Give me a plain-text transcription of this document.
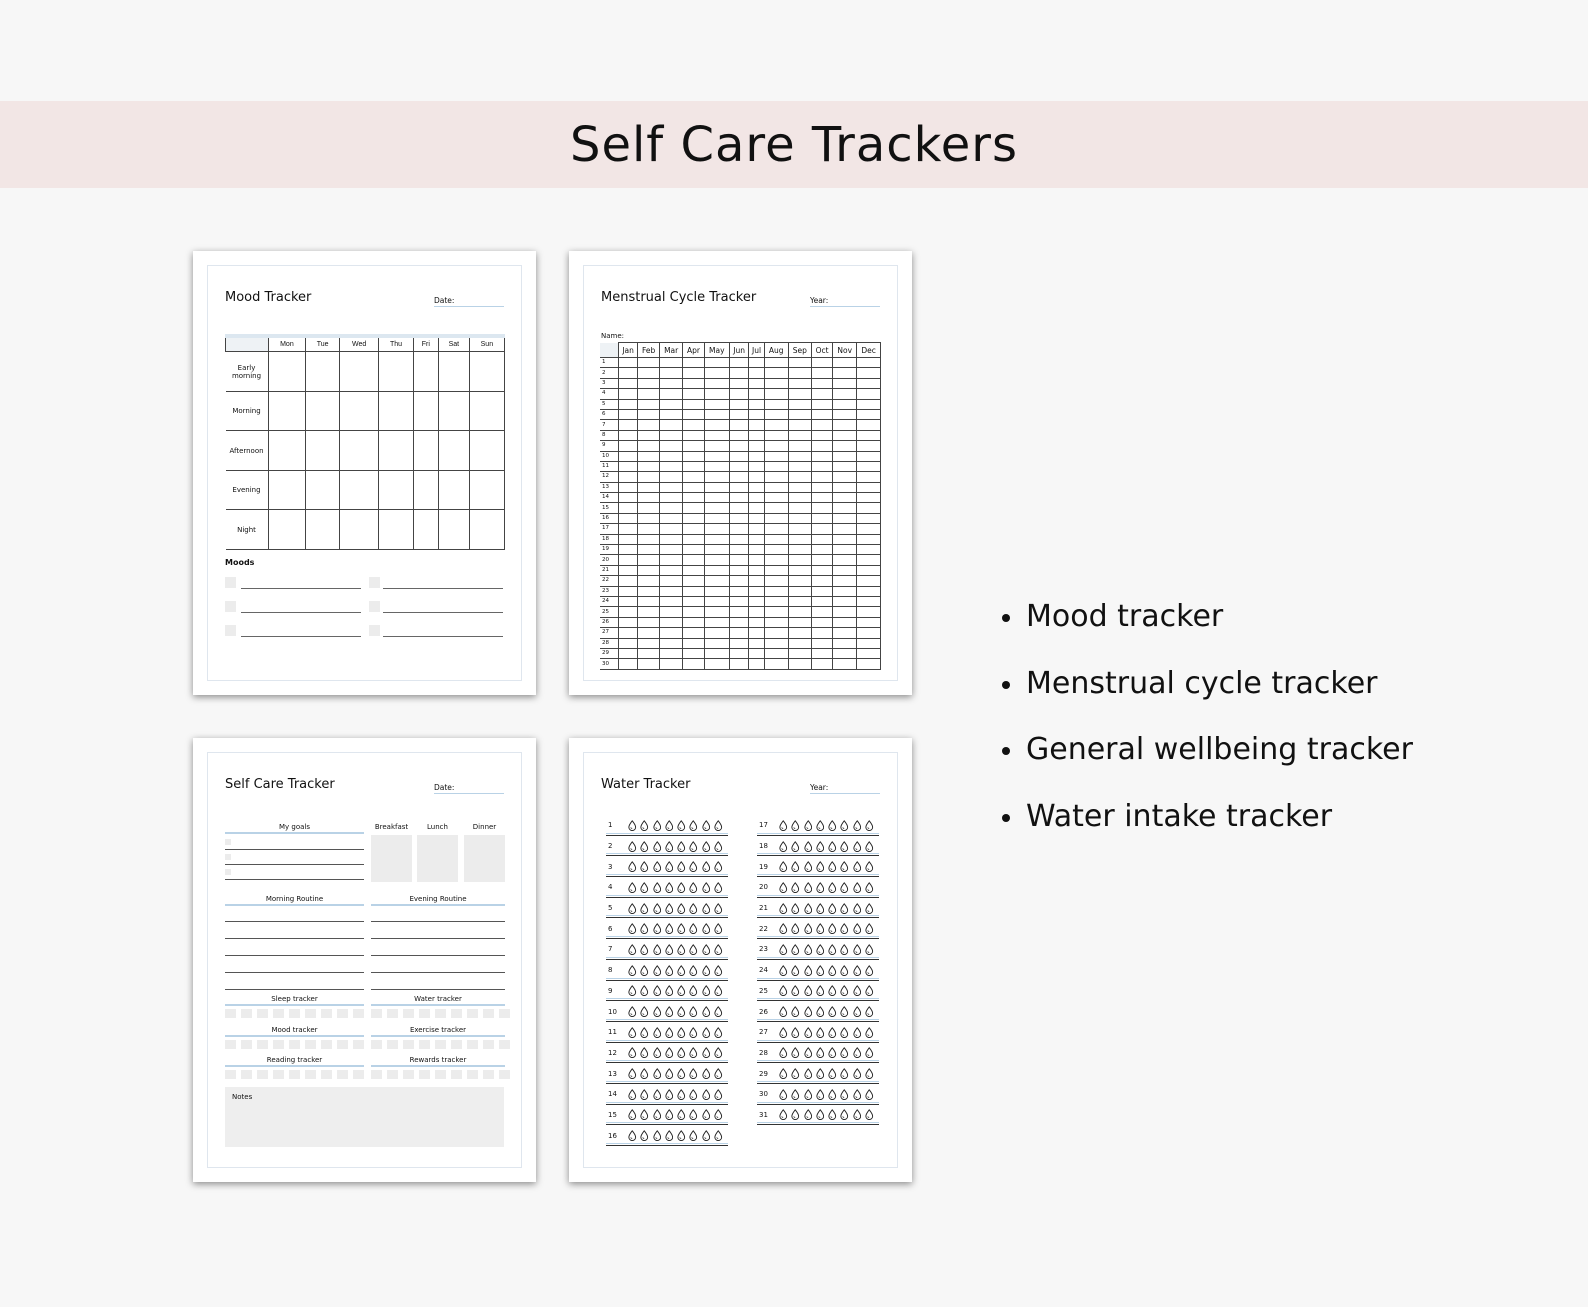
Self Care Trackers
Mood Tracker	Date:
	Mon	Tue	Wed	Thu	Fri	Sat	Sun
Early morning							
Morning							
Afternoon							
Evening							
Night							
Moods
Menstrual Cycle Tracker	Year:
Name:
	Jan	Feb	Mar	Apr	May	Jun	Jul	Aug	Sep	Oct	Nov	Dec
1												
2												
3												
4												
5												
6												
7												
8												
9												
10												
11												
12												
13												
14												
15												
16												
17												
18												
19												
20												
21												
22												
23												
24												
25												
26												
27												
28												
29												
30												
Self Care Tracker	Date:
My goals	Breakfast	Lunch	Dinner
Morning Routine	Evening Routine
Sleep tracker	Water tracker
Mood tracker	Exercise tracker
Reading tracker	Rewards tracker
Notes
Water Tracker	Year:
1
2
3
4
5
6
7
8
9
10
11
12
13
14
15
16
17
18
19
20
21
22
23
24
25
26
27
28
29
30
31
Mood tracker
Menstrual cycle tracker
General wellbeing tracker
Water intake tracker
